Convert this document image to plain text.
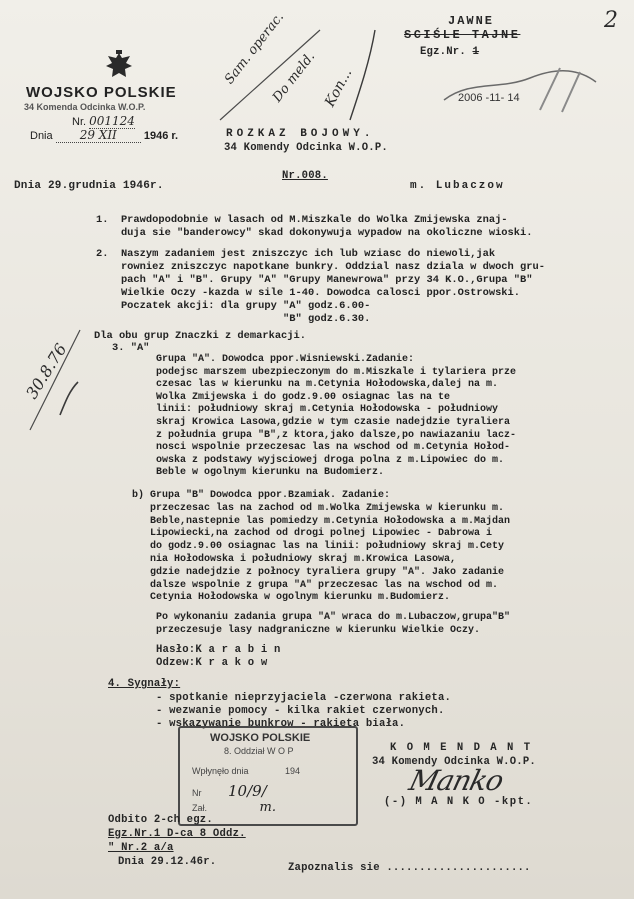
2
JAWNE
SCIŚLE TAJNE
Egz.Nr. 1
2006 -11- 14
WOJSKO POLSKIE
34 Komenda Odcinka W.O.P.
Nr. 001124
Dnia 29 XII 1946 r.
Sam. operac.
Do meld. Kon...
ROZKAZ BOJOWY.
34 Komendy Odcinka W.O.P.
Nr.008.
Dnia 29.grudnia 1946r.	m. Lubaczow
1.  Prawdopodobnie w lasach od M.Miszkale do Wolka Zmijewska znaj-
duja sie "banderowcy" skad dokonywuja wypadow na okoliczne wioski.
2.  Naszym zadaniem jest zniszczyc ich lub wziasc do niewoli,jak
rowniez zniszczyc napotkane bunkry. Oddzial nasz dziala w dwoch gru-
pach "A" i "B". Grupy "A" "Grupy Manewrowa" przy 34 K.O.,Grupa "B"
Wielkie Oczy -kazda w sile 1-40. Dowodca calosci ppor.Ostrowski.
Poczatek akcji: dla grupy "A" godz.6.00-
"B" godz.6.30.
Dla obu grup Znaczki z demarkacji.
3. "A"
Grupa "A". Dowodca ppor.Wisniewski.Zadanie:
podejsc marszem ubezpieczonym do m.Miszkale i tylariera prze
czesac las w kierunku na m.Cetynia Hołodowska,dalej na m.
Wolka Zmijewska i do godz.9.00 osiagnac las na te
linii: południowy skraj m.Cetynia Hołodowska - południowy
skraj Krowica Lasowa,gdzie w tym czasie nadejdzie tyraliera
z południa grupa "B",z ktora,jako dalsze,po nawiazaniu lacz-
nosci wspolnie przeczesac las na wschod od m.Cetynia Hołod-
owska z podstawy wyjsciowej droga polna z m.Lipowiec do m.
Beble w ogolnym kierunku na Budomierz.
b) Grupa "B" Dowodca ppor.Bzamiak. Zadanie:
przeczesac las na zachod od m.Wolka Zmijewska w kierunku m.
Beble,nastepnie las pomiedzy m.Cetynia Hołodowska a m.Majdan
Lipowiecki,na zachod od drogi polnej Lipowiec - Dabrowa i
do godz.9.00 osiagnac las na linii: południowy skraj m.Cety
nia Hołodowska i południowy skraj m.Krowica Lasowa,
gdzie nadejdzie z połnocy tyraliera grupy "A". Jako zadanie
dalsze wspolnie z grupa "A" przeczesac las na wschod od m.
Cetynia Hołodowska w ogolnym kierunku m.Budomierz.
Po wykonaniu zadania grupa "A" wraca do m.Lubaczow,grupa"B"
przeczesuje lasy nadgraniczne w kierunku Wielkie Oczy.
Hasło:K a r a b i n
Odzew:K r a k o w
4. Sygnały:
- spotkanie nieprzyjaciela -czerwona rakieta.
- wezwanie pomocy - kilka rakiet czerwonych.
- wskazywanie bunkrow - rakieta biała.
30.8.76
WOJSKO POLSKIE
8. Oddział W O P
Wpłynęło dnia	194
Nr 10/9/
Zał.	m.
K O M E N D A N T
34 Komendy Odcinka W.O.P.
Manko
(-) M A N K O -kpt.
Odbito 2-ch egz.
Egz.Nr.1 D-ca 8 Oddz.
" Nr.2 a/a
Dnia 29.12.46r.	Zapoznalis sie ......................
